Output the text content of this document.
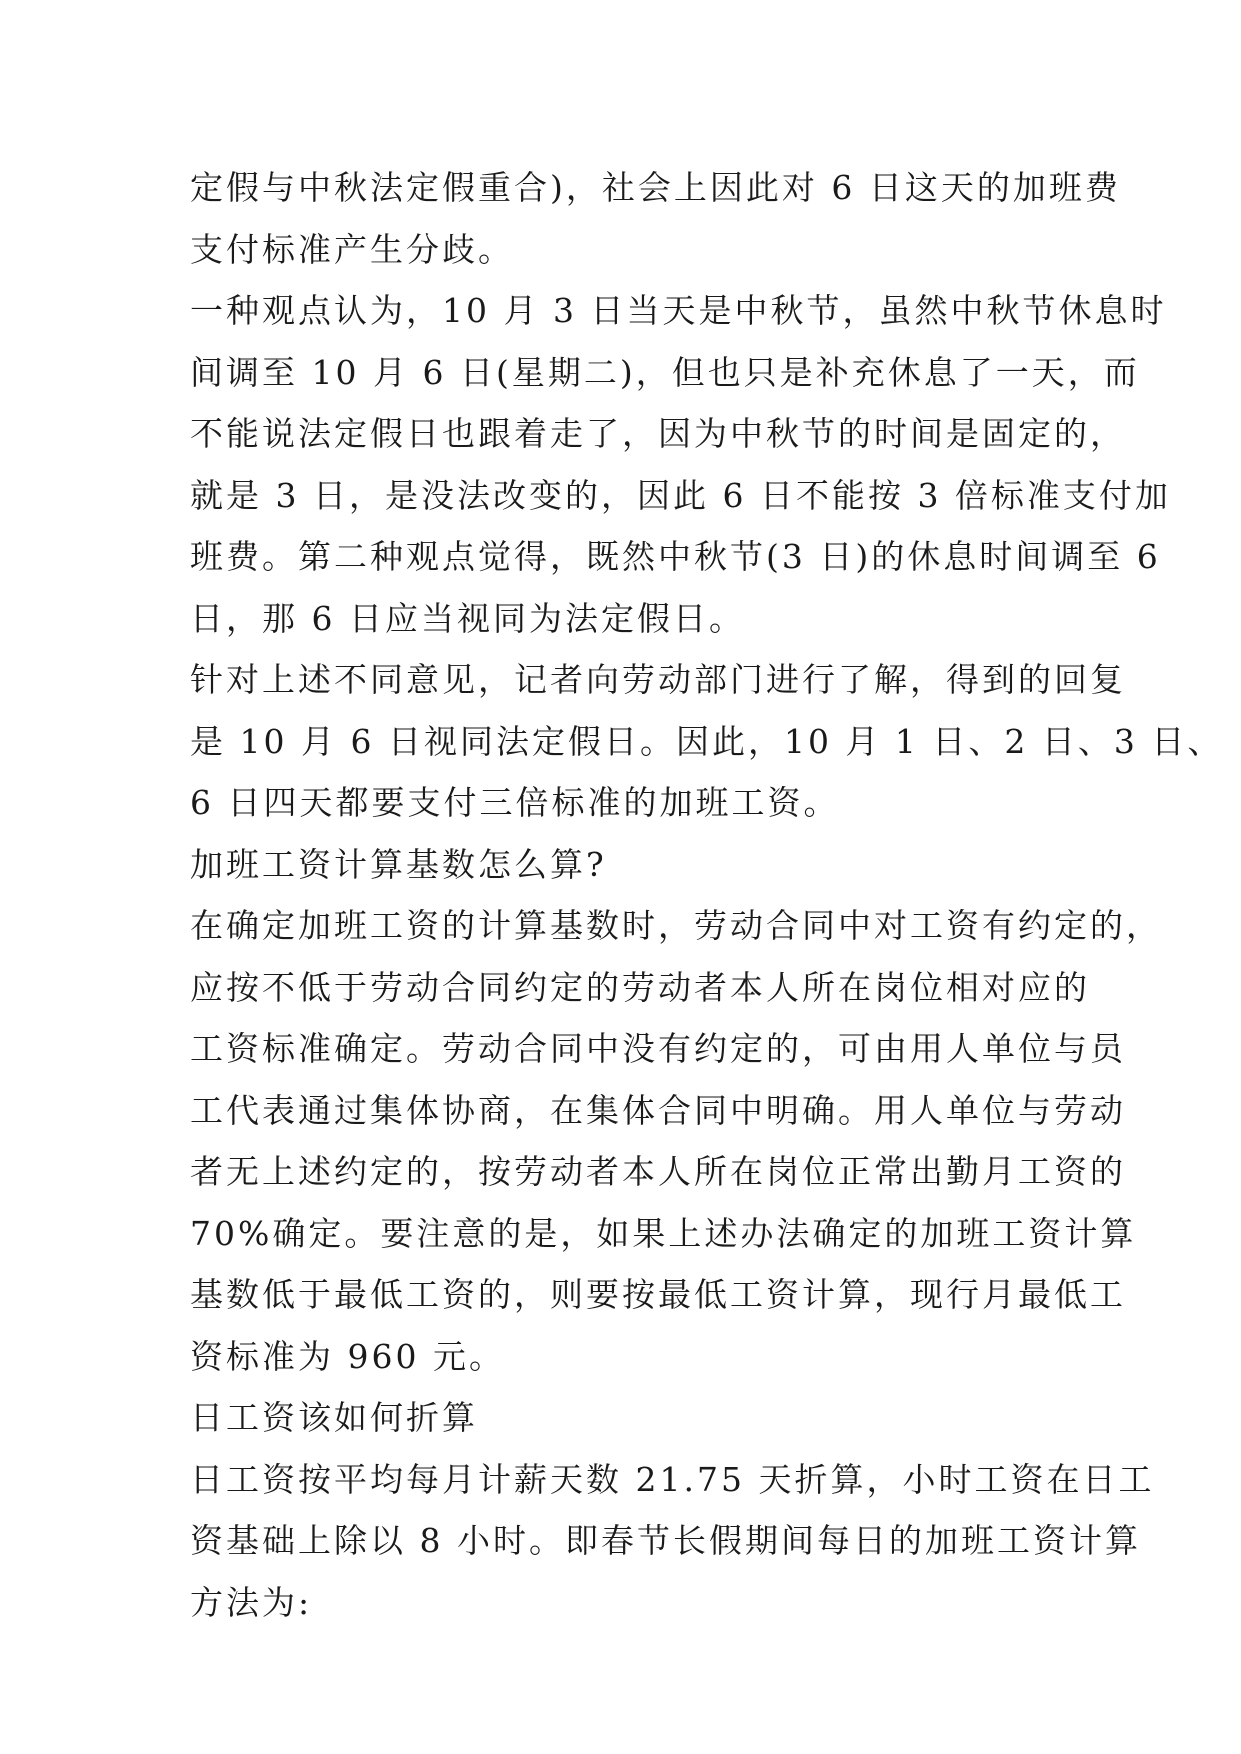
定假与中秋法定假重合)，社会上因此对 6 日这天的加班费
支付标准产生分歧。
一种观点认为，10 月 3 日当天是中秋节，虽然中秋节休息时
间调至 10 月 6 日(星期二)，但也只是补充休息了一天，而
不能说法定假日也跟着走了，因为中秋节的时间是固定的，
就是 3 日，是没法改变的，因此 6 日不能按 3 倍标准支付加
班费。第二种观点觉得，既然中秋节(3 日)的休息时间调至 6
日，那 6 日应当视同为法定假日。
针对上述不同意见，记者向劳动部门进行了解，得到的回复
是 10 月 6 日视同法定假日。因此，10 月 1 日、2 日、3 日、
6 日四天都要支付三倍标准的加班工资。
加班工资计算基数怎么算?
在确定加班工资的计算基数时，劳动合同中对工资有约定的，
应按不低于劳动合同约定的劳动者本人所在岗位相对应的
工资标准确定。劳动合同中没有约定的，可由用人单位与员
工代表通过集体协商，在集体合同中明确。用人单位与劳动
者无上述约定的，按劳动者本人所在岗位正常出勤月工资的
70%确定。要注意的是，如果上述办法确定的加班工资计算
基数低于最低工资的，则要按最低工资计算，现行月最低工
资标准为 960 元。
日工资该如何折算
日工资按平均每月计薪天数 21.75 天折算，小时工资在日工
资基础上除以 8 小时。即春节长假期间每日的加班工资计算
方法为:
